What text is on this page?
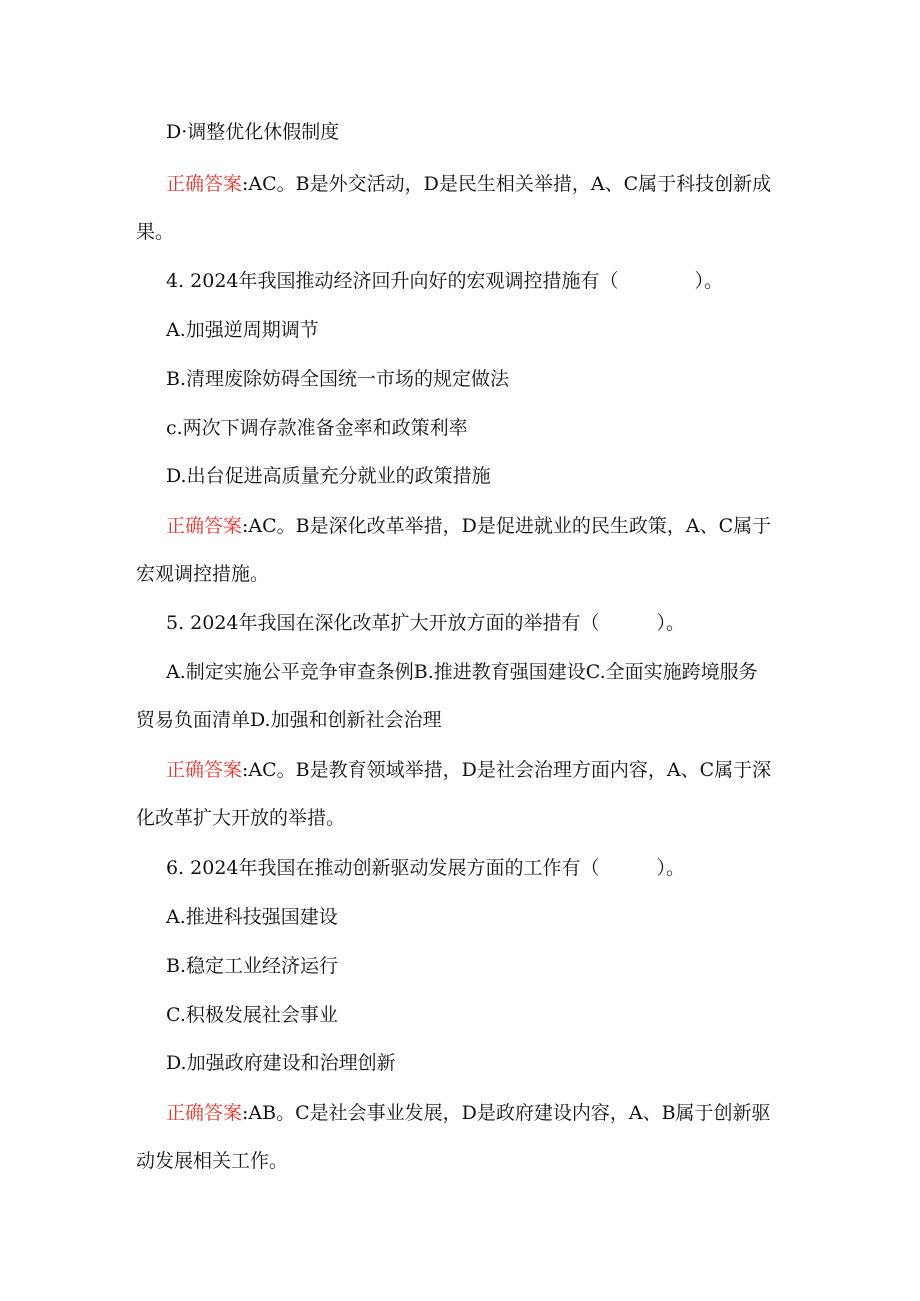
D·调整优化休假制度
正确答案:AC。B是外交活动，D是民生相关举措，A、C属于科技创新成
果。
4. 2024年我国推动经济回升向好的宏观调控措施有（　　　　）。
A.加强逆周期调节
B.清理废除妨碍全国统一市场的规定做法
c.两次下调存款准备金率和政策利率
D.出台促进高质量充分就业的政策措施
正确答案:AC。B是深化改革举措，D是促进就业的民生政策，A、C属于
宏观调控措施。
5. 2024年我国在深化改革扩大开放方面的举措有（　　　）。
A.制定实施公平竞争审查条例B.推进教育强国建设C.全面实施跨境服务
贸易负面清单D.加强和创新社会治理
正确答案:AC。B是教育领域举措，D是社会治理方面内容，A、C属于深
化改革扩大开放的举措。
6. 2024年我国在推动创新驱动发展方面的工作有（　　　）。
A.推进科技强国建设
B.稳定工业经济运行
C.积极发展社会事业
D.加强政府建设和治理创新
正确答案:AB。C是社会事业发展，D是政府建设内容，A、B属于创新驱
动发展相关工作。
